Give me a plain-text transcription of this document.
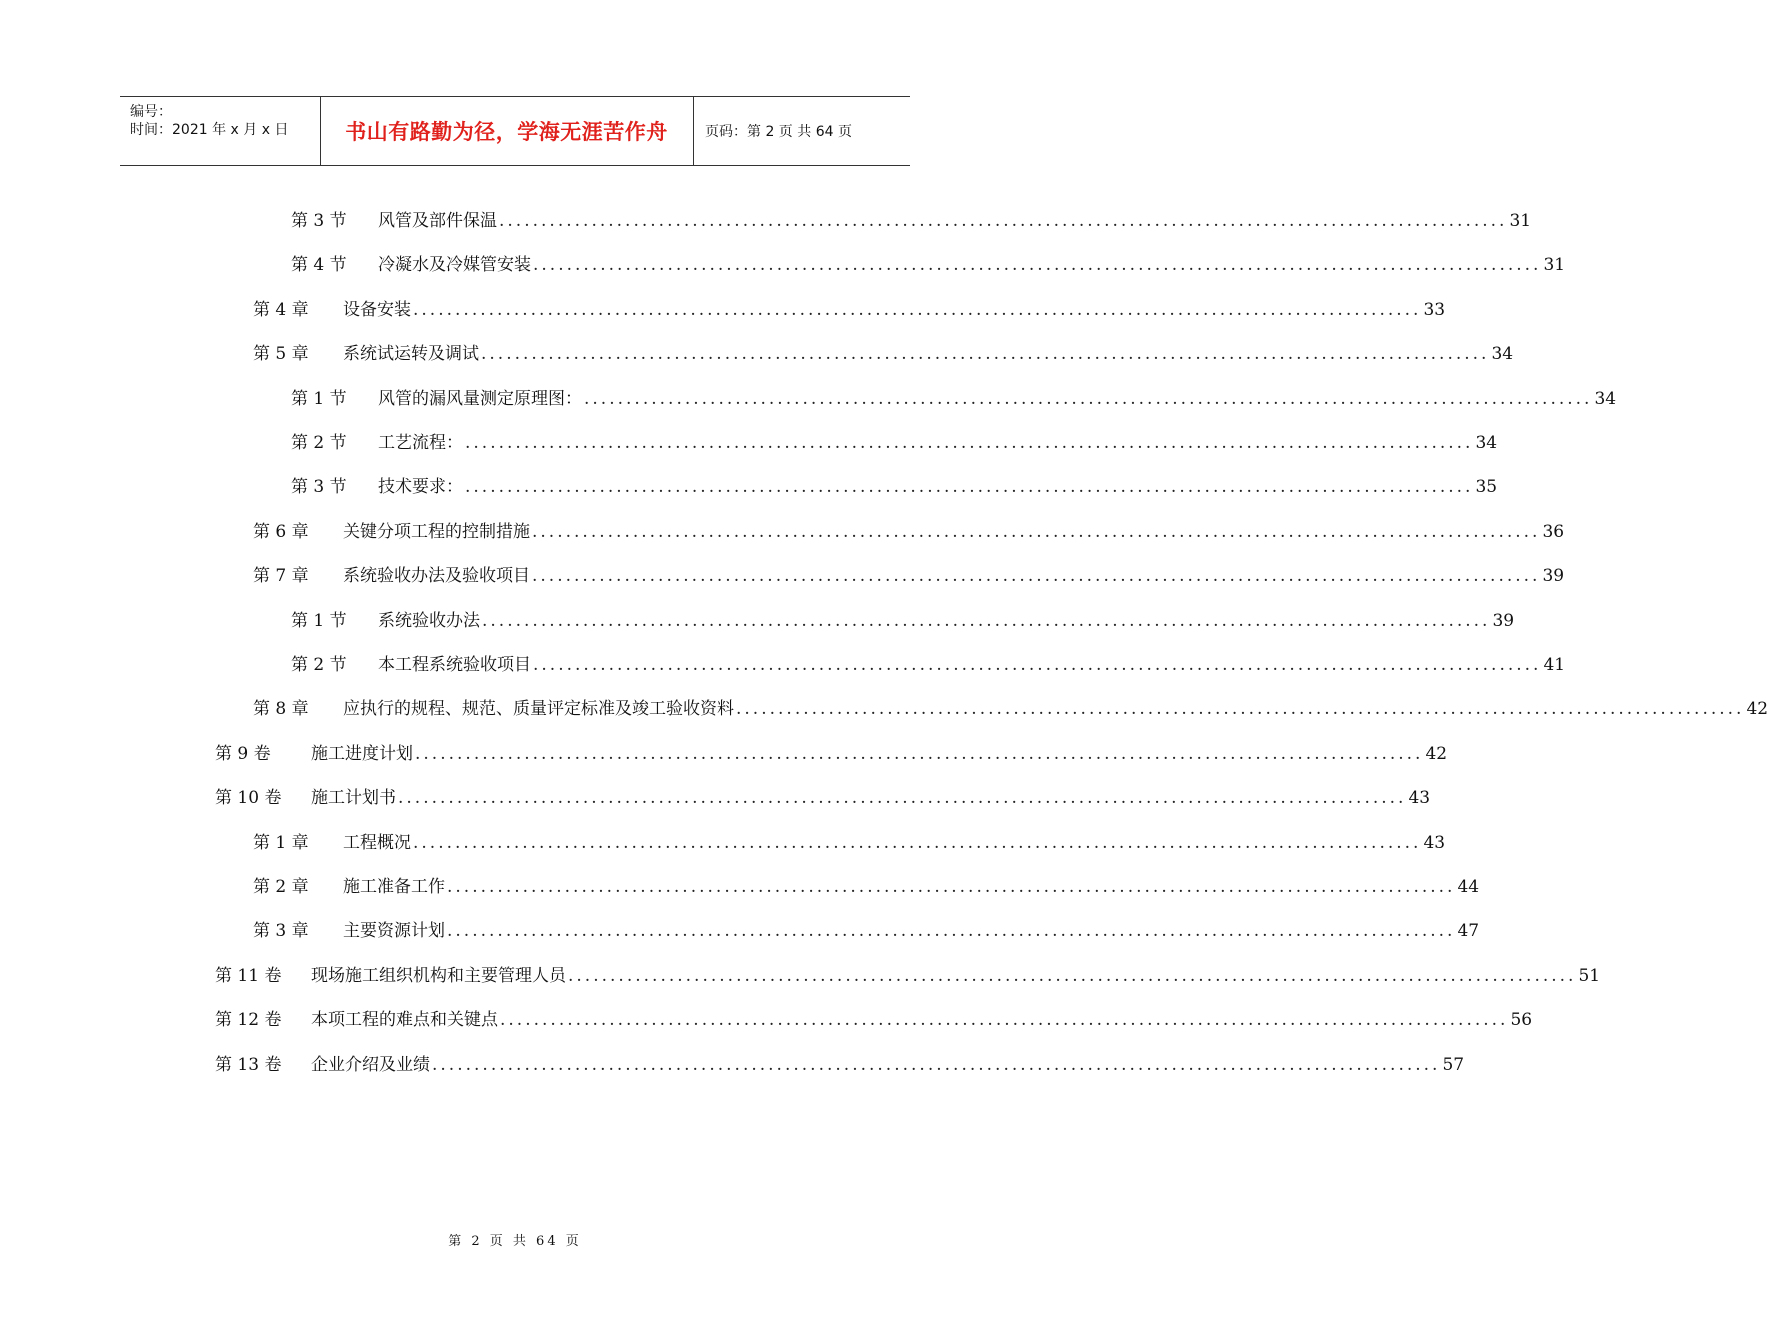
编号：
时间：2021 年 x 月 x 日	书山有路勤为径，学海无涯苦作舟	页码：第 2 页 共 64 页
第 3 节	风管及部件保温 ........................................................................................................................ 31
第 4 节	冷凝水及冷媒管安装 ........................................................................................................................ 31
第 4 章	设备安装 ........................................................................................................................ 33
第 5 章	系统试运转及调试 ........................................................................................................................ 34
第 1 节	风管的漏风量测定原理图： ........................................................................................................................ 34
第 2 节	工艺流程： ........................................................................................................................ 34
第 3 节	技术要求： ........................................................................................................................ 35
第 6 章	关键分项工程的控制措施 ........................................................................................................................ 36
第 7 章	系统验收办法及验收项目 ........................................................................................................................ 39
第 1 节	系统验收办法 ........................................................................................................................ 39
第 2 节	本工程系统验收项目 ........................................................................................................................ 41
第 8 章	应执行的规程、规范、质量评定标准及竣工验收资料 ........................................................................................................................ 42
第 9 卷	施工进度计划 ........................................................................................................................ 42
第 10 卷	施工计划书 ........................................................................................................................ 43
第 1 章	工程概况 ........................................................................................................................ 43
第 2 章	施工准备工作 ........................................................................................................................ 44
第 3 章	主要资源计划 ........................................................................................................................ 47
第 11 卷	现场施工组织机构和主要管理人员 ........................................................................................................................ 51
第 12 卷	本项工程的难点和关键点 ........................................................................................................................ 56
第 13 卷	企业介绍及业绩 ........................................................................................................................ 57
第 2 页 共 64 页
